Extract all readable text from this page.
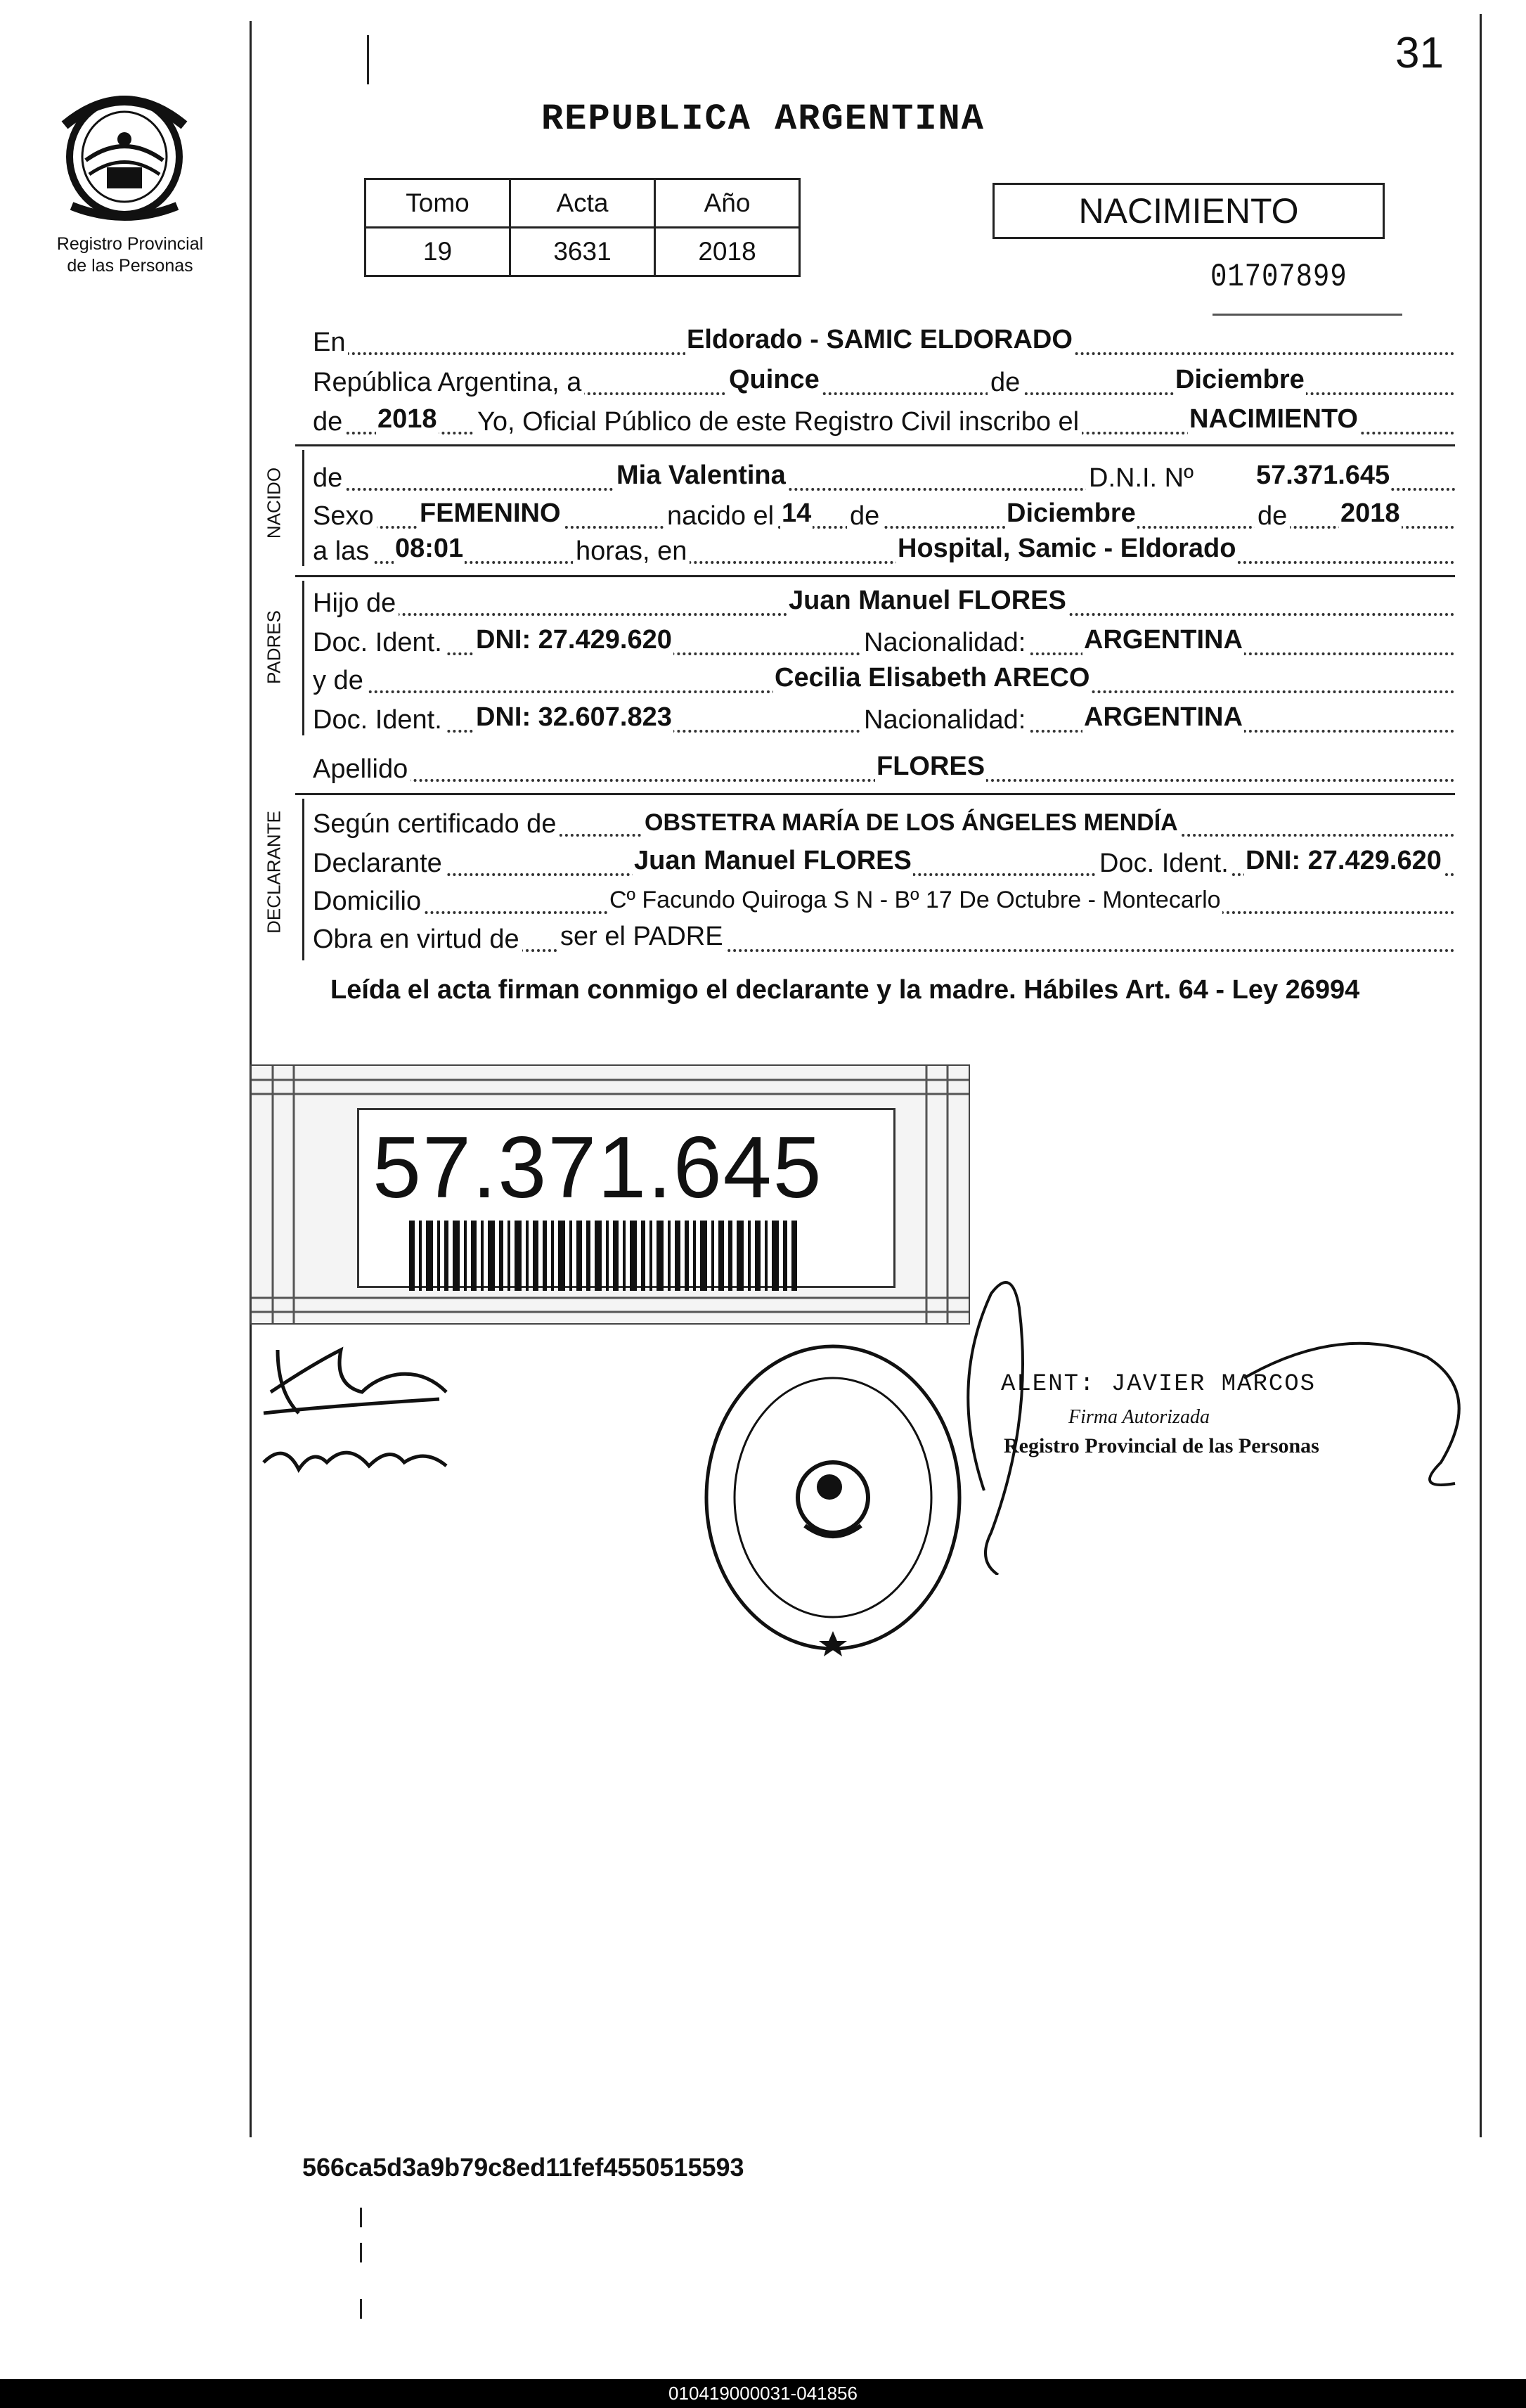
31
Registro Provincial
de las Personas
REPUBLICA ARGENTINA
Tomo	Acta	Año
19	3631	2018
NACIMIENTO
01707899
En	Eldorado - SAMIC ELDORADO
República Argentina, a	Quince	de	Diciembre
de 2018 Yo, Oficial Público de este Registro Civil inscribo el	NACIMIENTO
NACIDO de	Mia Valentina	D.N.I. Nº 57.371.645
Sexo FEMENINO	nacido el 14 de	Diciembre	de 2018
a las 08:01	horas, en	Hospital, Samic - Eldorado
PADRES
Hijo de	Juan Manuel FLORES
Doc. Ident. DNI: 27.429.620	Nacionalidad: ARGENTINA
y de	Cecilia Elisabeth ARECO
Doc. Ident. DNI: 32.607.823	Nacionalidad: ARGENTINA
Apellido	FLORES
DECLARANTE Según certificado de	OBSTETRA MARÍA DE LOS ÁNGELES MENDÍA
Declarante	Juan Manuel FLORES	Doc. Ident. DNI: 27.429.620
Domicilio	Cº Facundo Quiroga S N - Bº 17 De Octubre - Montecarlo
Obra en virtud de ser el PADRE
Leída el acta firman conmigo el declarante y la madre. Hábiles Art. 64 - Ley 26994
57.371.645
ALENT: JAVIER MARCOS
Firma Autorizada
Registro Provincial de las Personas
566ca5d3a9b79c8ed11fef4550515593
010419000031-041856
